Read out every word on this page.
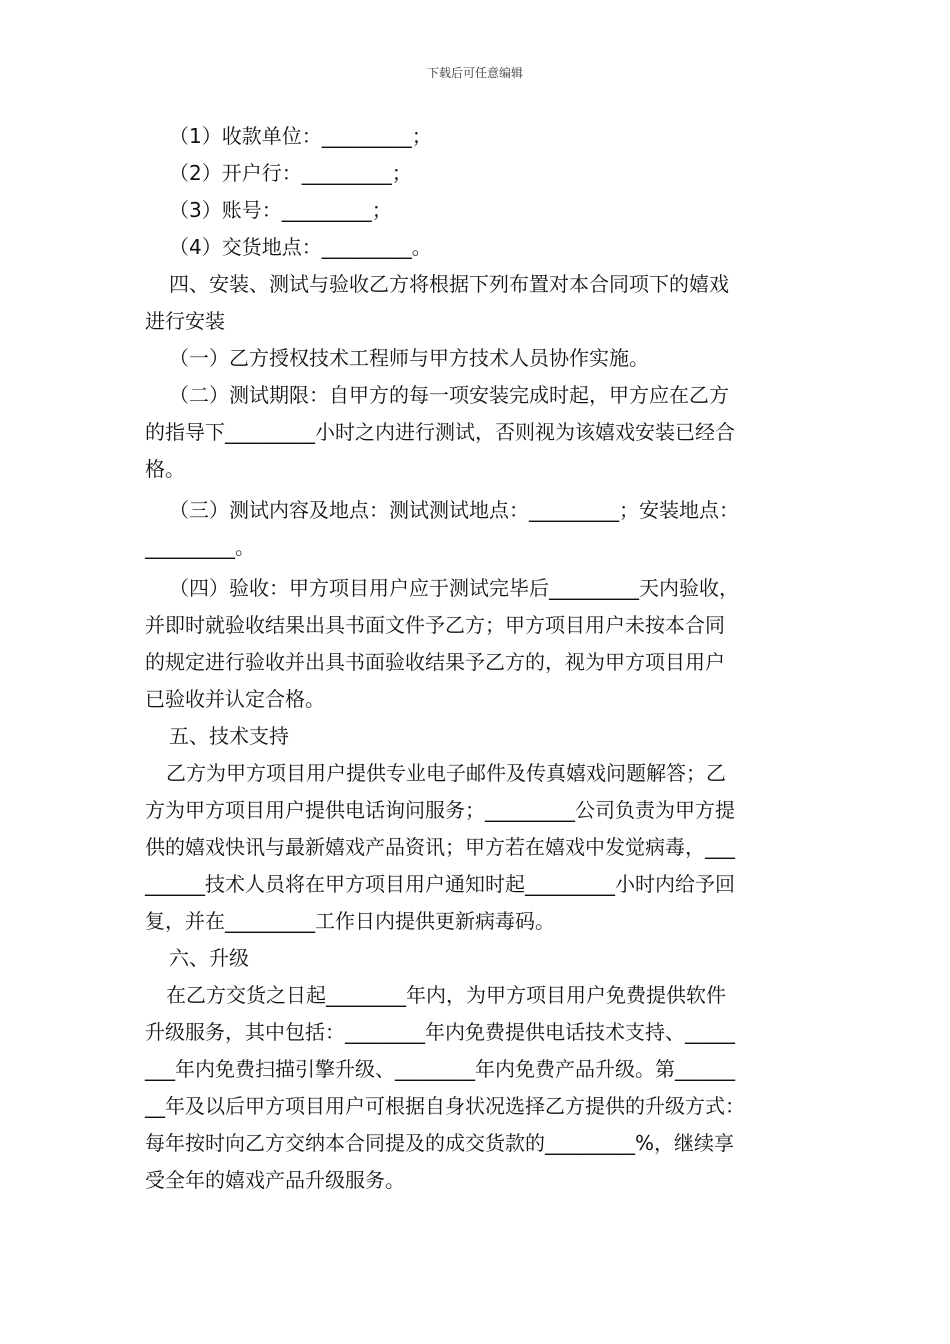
下载后可任意编辑
（1）收款单位：_________；
（2）开户行：_________；
（3）账号：_________；
（4）交货地点：_________。
四、安装、测试与验收乙方将根据下列布置对本合同项下的嬉戏
进行安装
（一）乙方授权技术工程师与甲方技术人员协作实施。
（二）测试期限：自甲方的每一项安装完成时起，甲方应在乙方
的指导下_________小时之内进行测试，否则视为该嬉戏安装已经合
格。
（三）测试内容及地点：测试测试地点：_________；安装地点：
_________。
（四）验收：甲方项目用户应于测试完毕后_________天内验收，
并即时就验收结果出具书面文件予乙方；甲方项目用户未按本合同
的规定进行验收并出具书面验收结果予乙方的，视为甲方项目用户
已验收并认定合格。
五、技术支持
乙方为甲方项目用户提供专业电子邮件及传真嬉戏问题解答；乙
方为甲方项目用户提供电话询问服务；_________公司负责为甲方提
供的嬉戏快讯与最新嬉戏产品资讯；甲方若在嬉戏中发觉病毒，___
______技术人员将在甲方项目用户通知时起_________小时内给予回
复，并在_________工作日内提供更新病毒码。
六、升级
在乙方交货之日起________年内，为甲方项目用户免费提供软件
升级服务，其中包括：________年内免费提供电话技术支持、_____
___年内免费扫描引擎升级、________年内免费产品升级。第______
__年及以后甲方项目用户可根据自身状况选择乙方提供的升级方式：
每年按时向乙方交纳本合同提及的成交货款的_________%，继续享
受全年的嬉戏产品升级服务。
